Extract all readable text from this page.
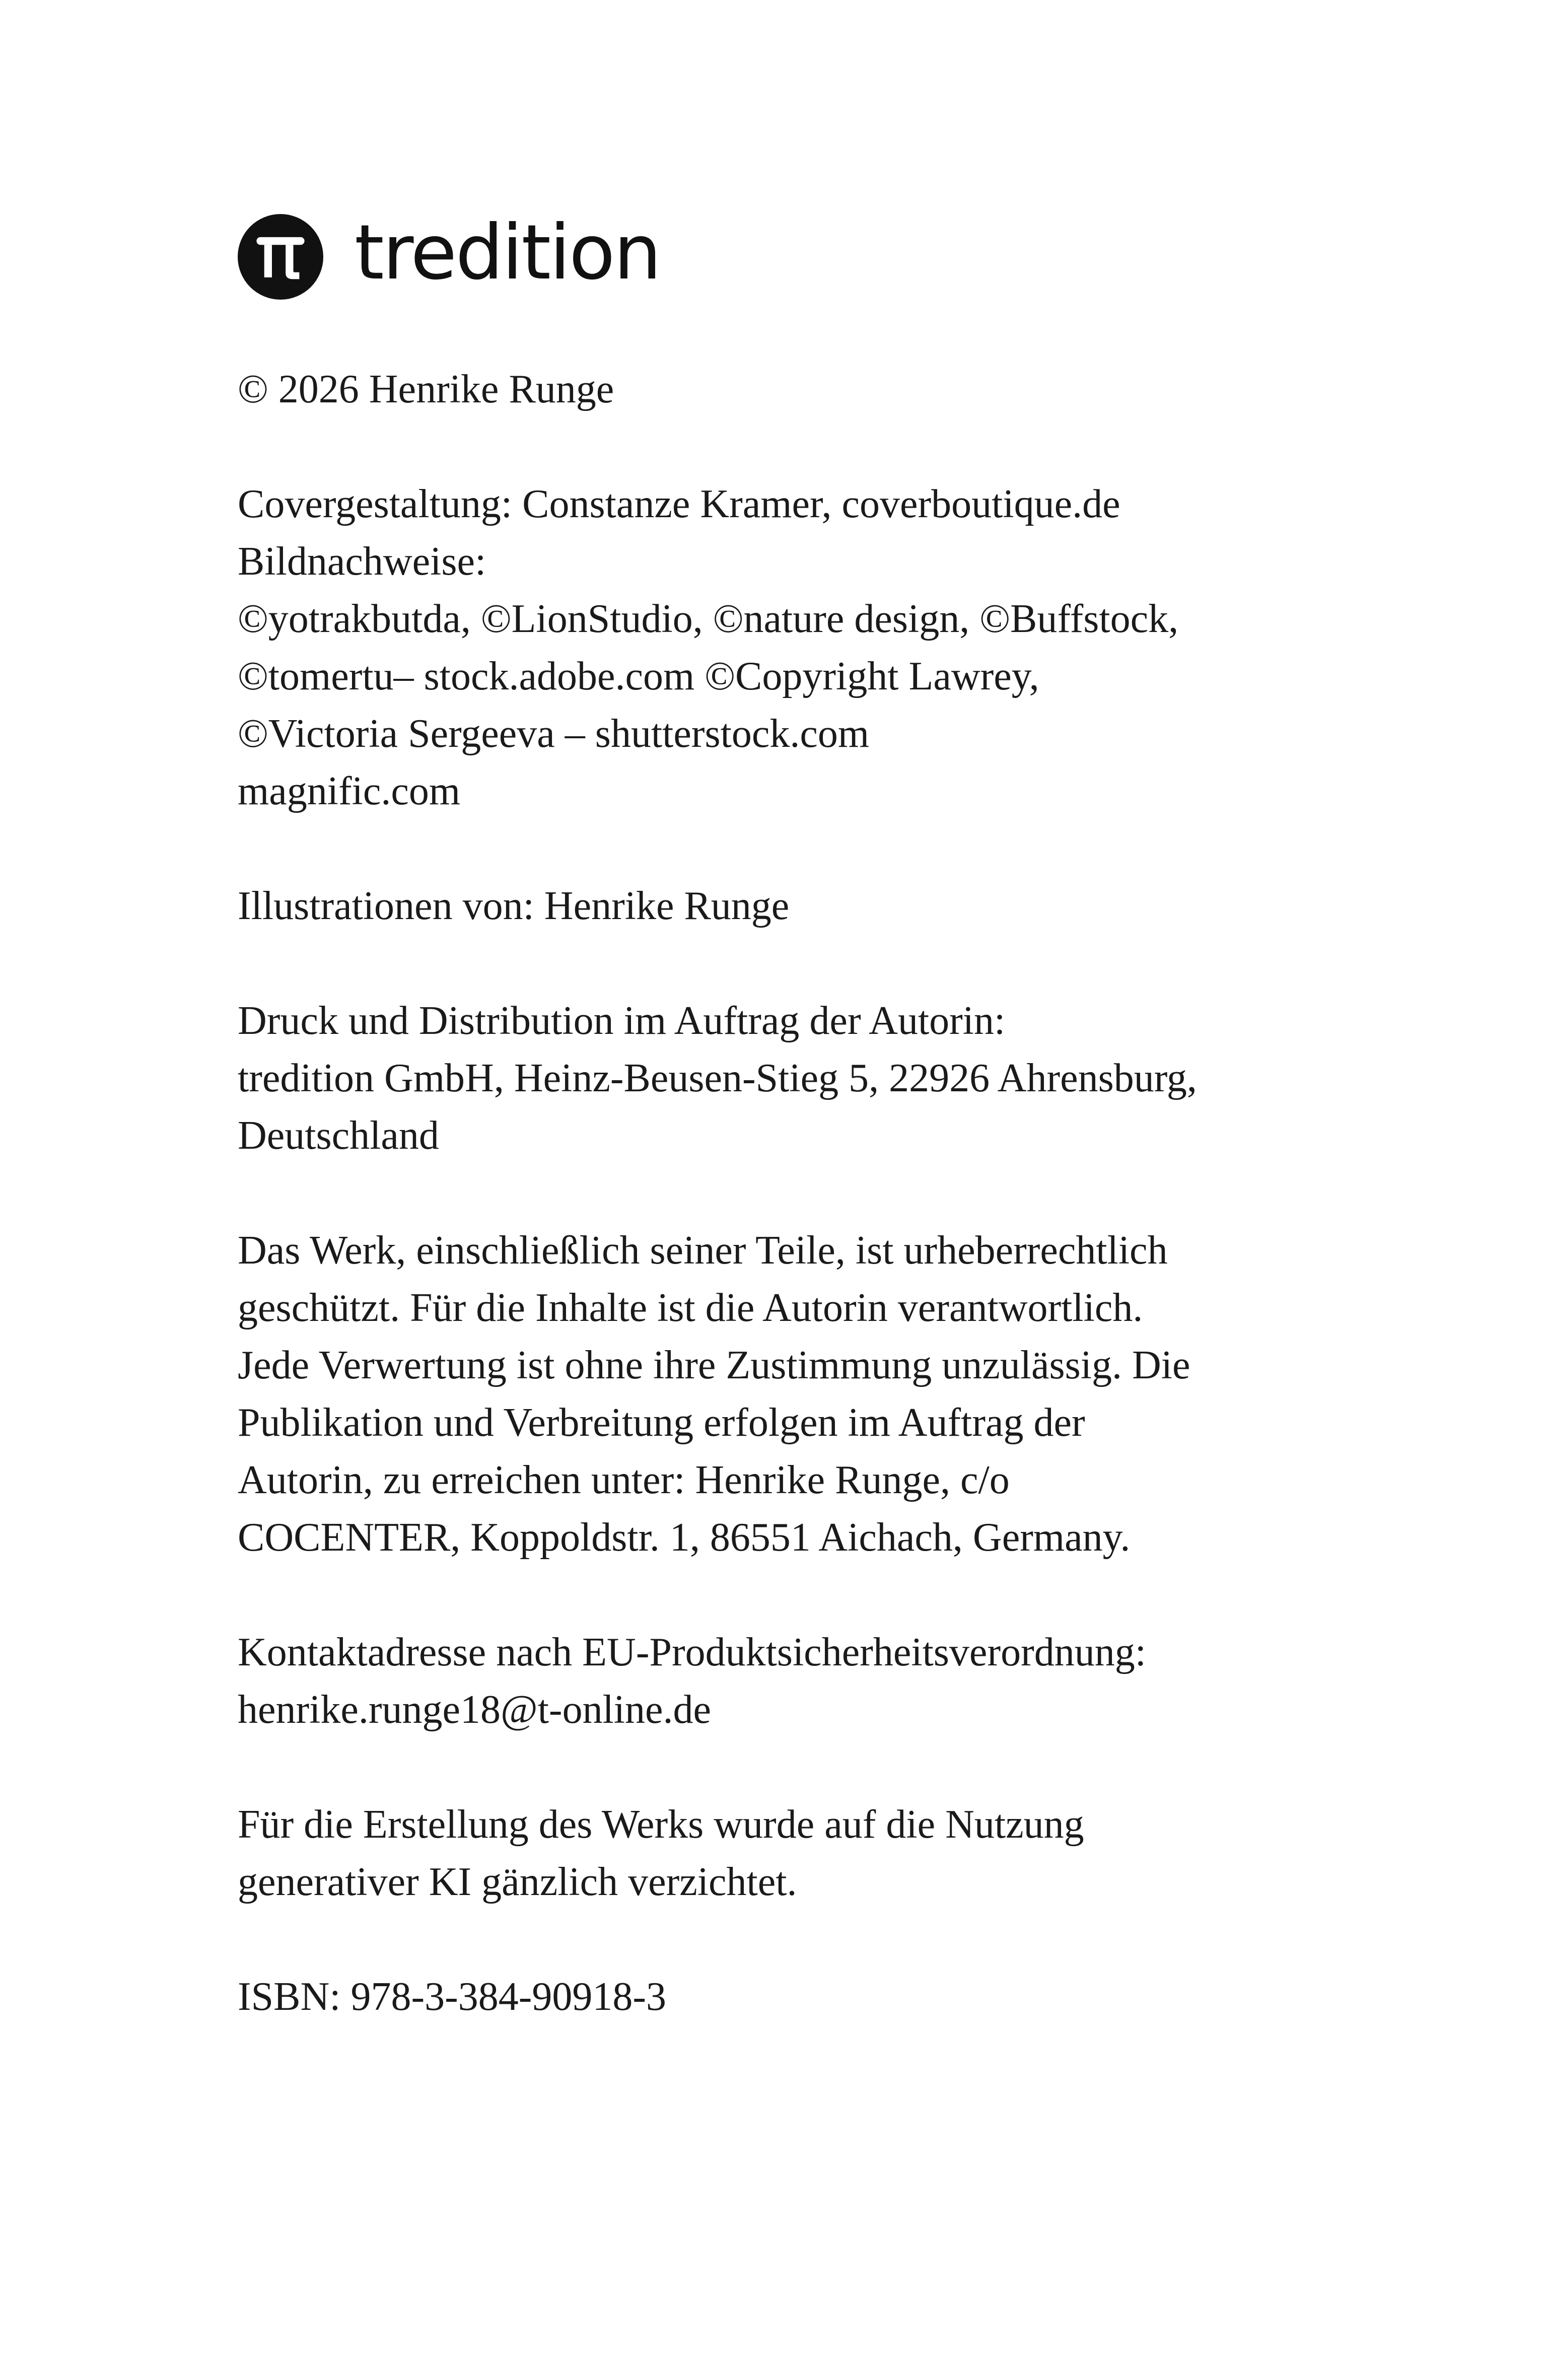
tredition
© 2026 Henrike Runge
Covergestaltung: Constanze Kramer, coverboutique.de
Bildnachweise:
©yotrakbutda, ©LionStudio, ©nature design, ©Buffstock,
©tomertu– stock.adobe.com ©Copyright Lawrey,
©Victoria Sergeeva – shutterstock.com
magnific.com
Illustrationen von: Henrike Runge
Druck und Distribution im Auftrag der Autorin:
tredition GmbH, Heinz-Beusen-Stieg 5, 22926 Ahrensburg,
Deutschland
Das Werk, einschließlich seiner Teile, ist urheberrechtlich
geschützt. Für die Inhalte ist die Autorin verantwortlich.
Jede Verwertung ist ohne ihre Zustimmung unzulässig. Die
Publikation und Verbreitung erfolgen im Auftrag der
Autorin, zu erreichen unter: Henrike Runge, c/o
COCENTER, Koppoldstr. 1, 86551 Aichach, Germany.
Kontaktadresse nach EU-Produktsicherheitsverordnung:
henrike.runge18@t-online.de
Für die Erstellung des Werks wurde auf die Nutzung
generativer KI gänzlich verzichtet.
ISBN: 978-3-384-90918-3
